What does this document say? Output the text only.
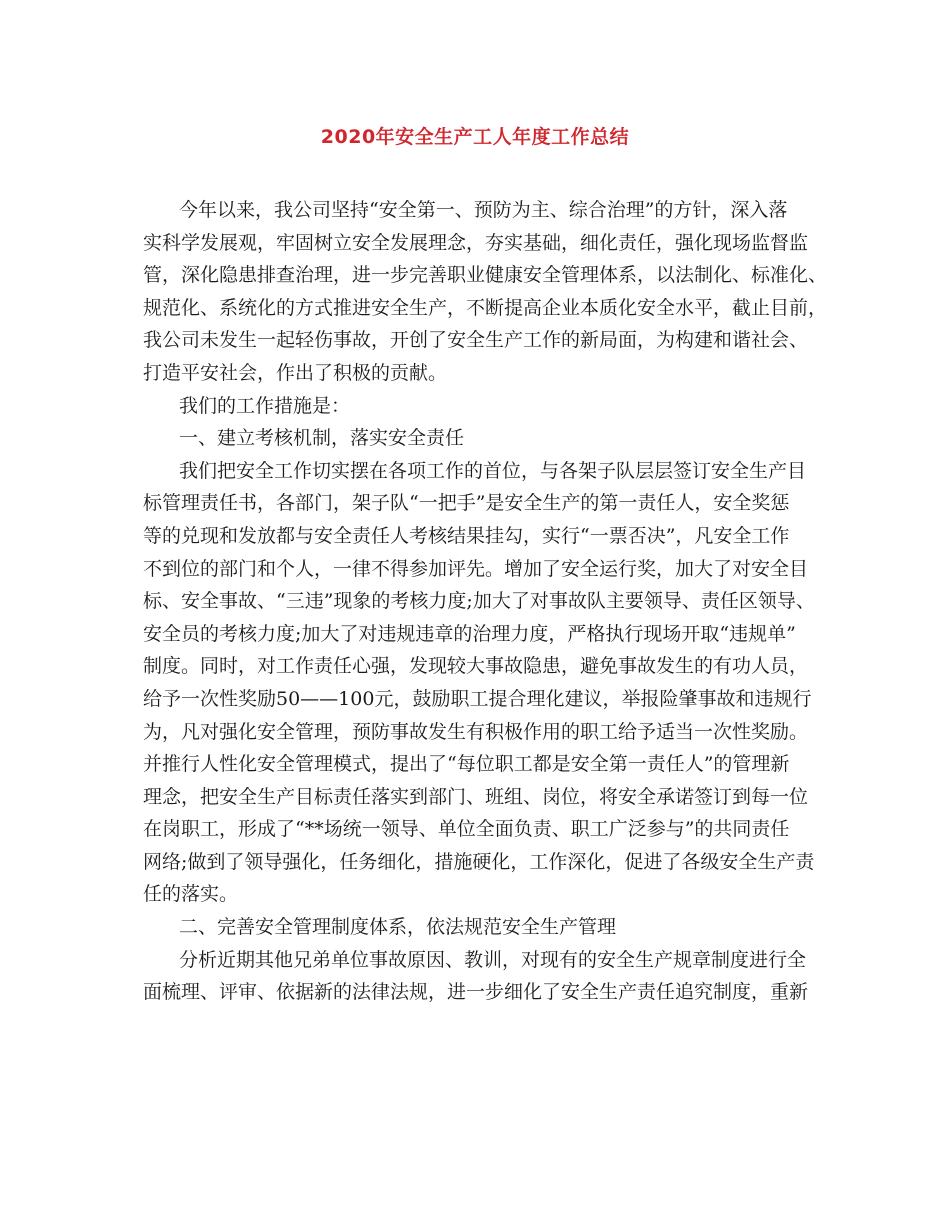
2020年安全生产工人年度工作总结
今年以来，我公司坚持“安全第一、预防为主、综合治理”的方针，深入落
实科学发展观，牢固树立安全发展理念，夯实基础，细化责任，强化现场监督监
管，深化隐患排查治理，进一步完善职业健康安全管理体系，以法制化、标准化、
规范化、系统化的方式推进安全生产，不断提高企业本质化安全水平，截止目前，
我公司未发生一起轻伤事故，开创了安全生产工作的新局面，为构建和谐社会、
打造平安社会，作出了积极的贡献。
我们的工作措施是：
一、建立考核机制，落实安全责任
我们把安全工作切实摆在各项工作的首位，与各架子队层层签订安全生产目
标管理责任书，各部门，架子队“一把手”是安全生产的第一责任人，安全奖惩
等的兑现和发放都与安全责任人考核结果挂勾，实行“一票否决”，凡安全工作
不到位的部门和个人，一律不得参加评先。增加了安全运行奖，加大了对安全目
标、安全事故、“三违”现象的考核力度;加大了对事故队主要领导、责任区领导、
安全员的考核力度;加大了对违规违章的治理力度，严格执行现场开取“违规单”
制度。同时，对工作责任心强，发现较大事故隐患，避免事故发生的有功人员，
给予一次性奖励50——100元，鼓励职工提合理化建议，举报险肇事故和违规行
为，凡对强化安全管理，预防事故发生有积极作用的职工给予适当一次性奖励。
并推行人性化安全管理模式，提出了“每位职工都是安全第一责任人”的管理新
理念，把安全生产目标责任落实到部门、班组、岗位，将安全承诺签订到每一位
在岗职工，形成了“**场统一领导、单位全面负责、职工广泛参与”的共同责任
网络;做到了领导强化，任务细化，措施硬化，工作深化，促进了各级安全生产责
任的落实。
二、完善安全管理制度体系，依法规范安全生产管理
分析近期其他兄弟单位事故原因、教训，对现有的安全生产规章制度进行全
面梳理、评审、依据新的法律法规，进一步细化了安全生产责任追究制度，重新
